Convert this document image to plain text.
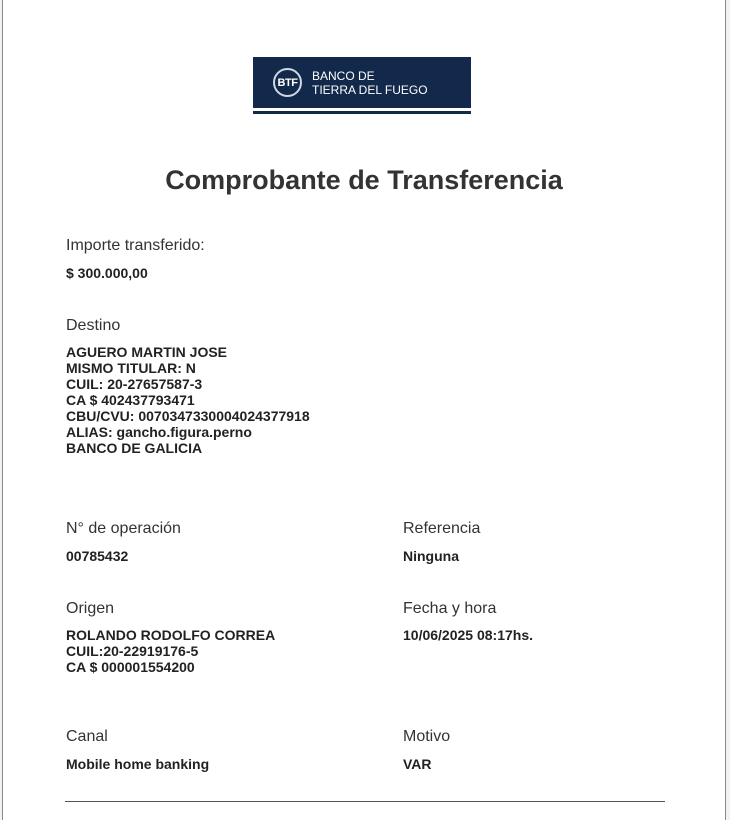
BTF	BANCO DE
TIERRA DEL FUEGO
Comprobante de Transferencia
Importe transferido:
$ 300.000,00
Destino
AGUERO MARTIN JOSE
MISMO TITULAR: N
CUIL: 20-27657587-3
CA $ 402437793471
CBU/CVU: 0070347330004024377918
ALIAS: gancho.figura.perno
BANCO DE GALICIA
N° de operación
00785432
Referencia
Ninguna
Origen
ROLANDO RODOLFO CORREA
CUIL:20-22919176-5
CA $ 000001554200
Fecha y hora
10/06/2025 08:17hs.
Canal
Mobile home banking
Motivo
VAR
